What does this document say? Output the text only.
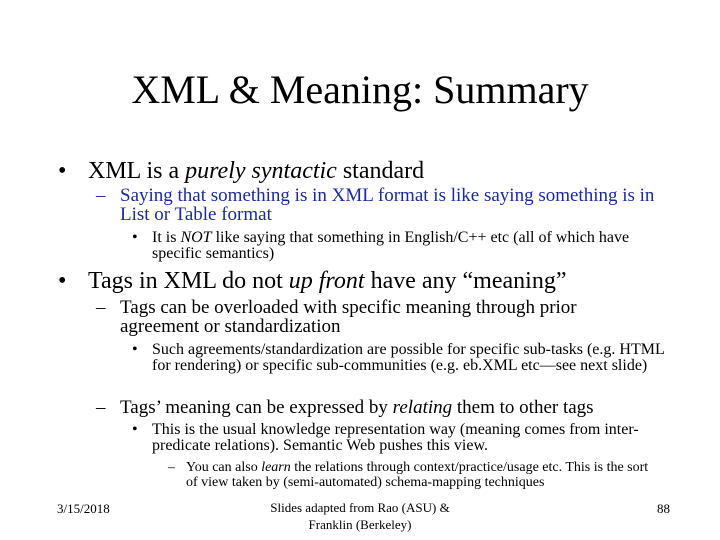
XML & Meaning: Summary
• XML is a purely syntactic standard
– Saying that something is in XML format is like saying something is in List or Table format
• It is NOT like saying that something in English/C++ etc (all of which have specific semantics)
• Tags in XML do not up front have any “meaning”
– Tags can be overloaded with specific meaning through prior agreement or standardization
• Such agreements/standardization are possible for specific sub-tasks (e.g. HTML for rendering) or specific sub-communities (e.g. eb.XML etc—see next slide)
– Tags’ meaning can be expressed by relating them to other tags
• This is the usual knowledge representation way (meaning comes from inter-predicate relations). Semantic Web pushes this view.
– You can also learn the relations through context/practice/usage etc. This is the sort of view taken by (semi-automated) schema-mapping techniques
3/15/2018	Slides adapted from Rao (ASU) & Franklin (Berkeley)
88
